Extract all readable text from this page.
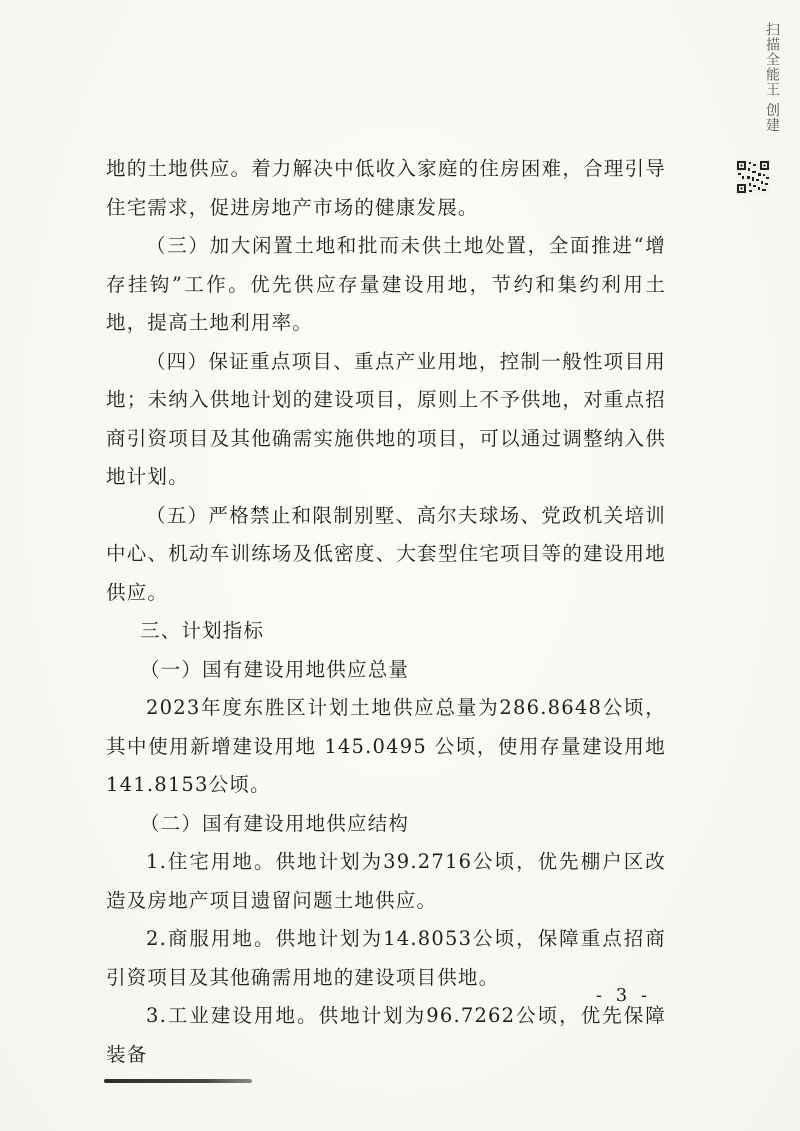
扫描全能王 创建

地的土地供应。着力解决中低收入家庭的住房困难，合理引导住宅需求，促进房地产市场的健康发展。

（三）加大闲置土地和批而未供土地处置，全面推进“增存挂钩”工作。优先供应存量建设用地，节约和集约利用土地，提高土地利用率。

（四）保证重点项目、重点产业用地，控制一般性项目用地；未纳入供地计划的建设项目，原则上不予供地，对重点招商引资项目及其他确需实施供地的项目，可以通过调整纳入供地计划。

（五）严格禁止和限制别墅、高尔夫球场、党政机关培训中心、机动车训练场及低密度、大套型住宅项目等的建设用地供应。

三、计划指标

（一）国有建设用地供应总量

2023年度东胜区计划土地供应总量为286.8648公顷，其中使用新增建设用地 145.0495 公顷，使用存量建设用地141.8153公顷。

（二）国有建设用地供应结构

1.住宅用地。供地计划为39.2716公顷，优先棚户区改造及房地产项目遗留问题土地供应。

2.商服用地。供地计划为14.8053公顷，保障重点招商引资项目及其他确需用地的建设项目供地。

3.工业建设用地。供地计划为96.7262公顷，优先保障装备

- 3 -
